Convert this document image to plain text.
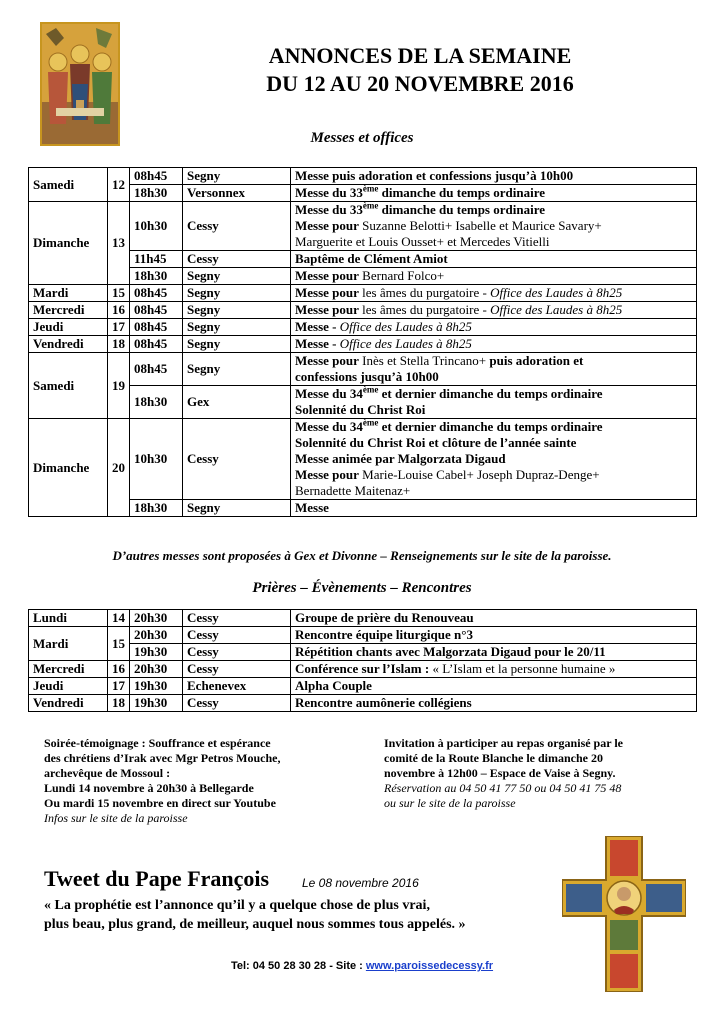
ANNONCES DE LA SEMAINE
DU 12 AU 20 NOVEMBRE 2016
Messes et offices
Samedi	12	08h45	Segny	Messe puis adoration et confessions jusqu’à 10h00
		18h30	Versonnex	Messe du 33ème dimanche du temps ordinaire
Dimanche	13	10h30	Cessy	Messe du 33ème dimanche du temps ordinaire
Messe pour Suzanne Belotti+ Isabelle et Maurice Savary+
Marguerite et Louis Ousset+ et Mercedes Vitielli

		11h45	Cessy	Baptême de Clément Amiot
		18h30	Segny	Messe pour Bernard Folco+
Mardi	15	08h45	Segny	Messe pour les âmes du purgatoire - Office des Laudes à 8h25
Mercredi	16	08h45	Segny	Messe pour les âmes du purgatoire - Office des Laudes à 8h25
Jeudi	17	08h45	Segny	Messe - Office des Laudes à 8h25
Vendredi	18	08h45	Segny	Messe - Office des Laudes à 8h25
Samedi	19	08h45	Segny	Messe pour Inès et Stella Trincano+ puis adoration et
confessions jusqu’à 10h00

		18h30	Gex	Messe du 34ème et dernier dimanche du temps ordinaire
Solennité du Christ Roi

Dimanche	20	10h30	Cessy	Messe du 34ème et dernier dimanche du temps ordinaire
Solennité du Christ Roi et clôture de l’année sainte
Messe animée par Malgorzata Digaud
Messe pour Marie-Louise Cabel+ Joseph Dupraz-Denge+
Bernadette Maitenaz+

		18h30	Segny	Messe
D’autres messes sont proposées à Gex et Divonne – Renseignements sur le site de la paroisse.
Prières – Évènements – Rencontres
Lundi	14	20h30	Cessy	Groupe de prière du Renouveau
Mardi	15	20h30	Cessy	Rencontre équipe liturgique n°3
		19h30	Cessy	Répétition chants avec Malgorzata Digaud pour le 20/11
Mercredi	16	20h30	Cessy	Conférence sur l’Islam : « L’Islam et la personne humaine »
Jeudi	17	19h30	Echenevex	Alpha Couple
Vendredi	18	19h30	Cessy	Rencontre aumônerie collégiens
Soirée-témoignage : Souffrance et espérance
des chrétiens d’Irak avec Mgr Petros Mouche,
archevêque de Mossoul :
Lundi 14 novembre à 20h30 à Bellegarde
Ou mardi 15 novembre en direct sur Youtube
Infos sur le site de la paroisse
Invitation à participer au repas organisé par le
comité de la Route Blanche le dimanche 20
novembre à 12h00 – Espace de Vaise à Segny.
Réservation au 04 50 41 77 50 ou 04 50 41 75 48
ou sur le site de la paroisse
Tweet du Pape François	Le 08 novembre 2016
« La prophétie est l’annonce qu’il y a quelque chose de plus vrai,
plus beau, plus grand, de meilleur, auquel nous sommes tous appelés. »
Tel: 04 50 28 30 28 - Site : www.paroissedecessy.fr
